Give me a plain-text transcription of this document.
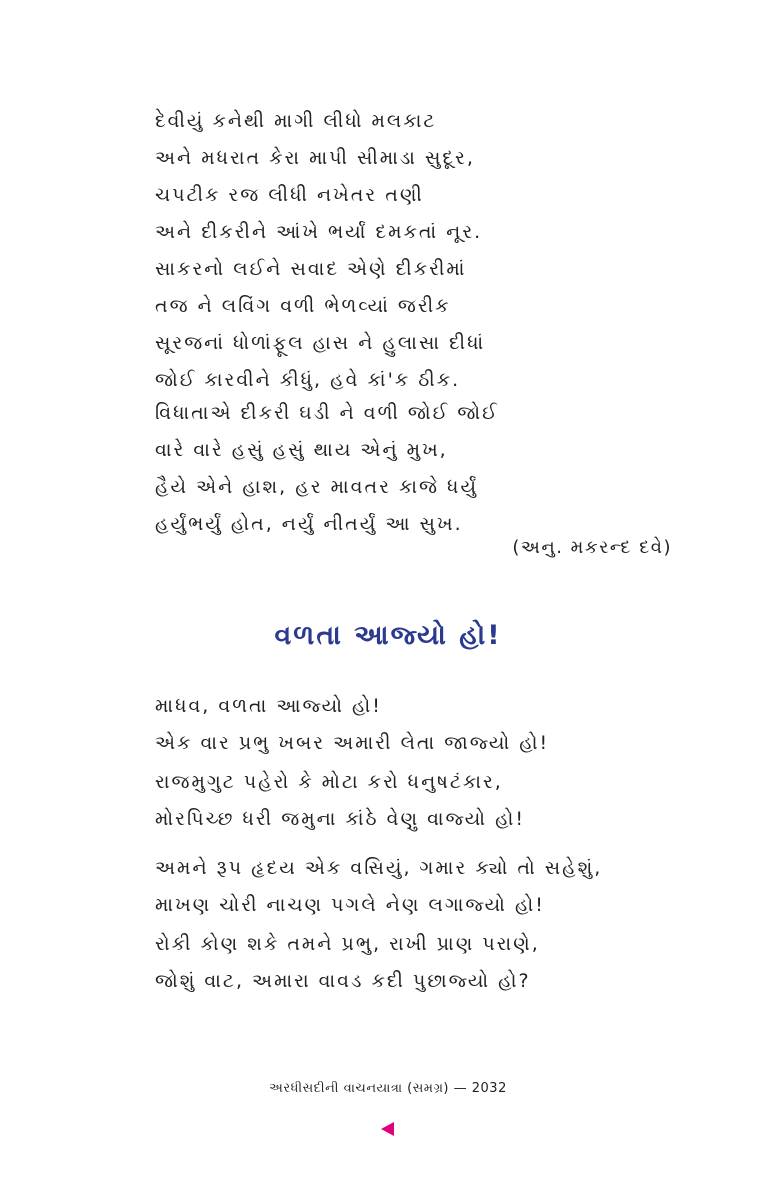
દેવીયું કનેથી માગી લીધો મલકાટ
અને મધરાત કેરા માપી સીમાડા સુદૂર,
ચપટીક રજ લીધી નખેતર તણી
અને દીકરીને આંખે ભર્યાં દમકતાં નૂર.
સાકરનો લઈને સવાદ એણે દીકરીમાં
તજ ને લવિંગ વળી ભેળવ્યાં જરીક
સૂરજનાં ધોળાંફૂલ હાસ ને હુલાસા દીધાં
જોઈ કારવીને કીધું, હવે કાં'ક ઠીક.
વિધાતાએ દીકરી ઘડી ને વળી જોઈ જોઈ
વારે વારે હસું હસું થાય એનું મુખ,
હૈયે એને હાશ, હર માવતર કાજે ધર્યું
હર્યુંભર્યું હોત, નર્યું નીતર્યું આ સુખ.
(અનુ. મકરન્દ દવે)
વળતા આજ્યો હો!
માધવ, વળતા આજ્યો હો!
એક વાર પ્રભુ ખબર અમારી લેતા જાજ્યો હો!
રાજમુગુટ પહેરો કે મોટા કરો ધનુષટંકાર,
મોરપિચ્છ ધરી જમુના કાંઠે વેણુ વાજ્યો હો!
અમને રૂપ હૃદય એક વસિયું, ગમાર ક્યો તો સહેશું,
માખણ ચોરી નાચણ પગલે નેણ લગાજ્યો હો!
રોકી કોણ શકે તમને પ્રભુ, રાખી પ્રાણ પરાણે,
જોશું વાટ, અમારા વાવડ કદી પુછાજ્યો હો?
અરધીસદીની વાચનયાત્રા (સમગ્ર) — 2032
